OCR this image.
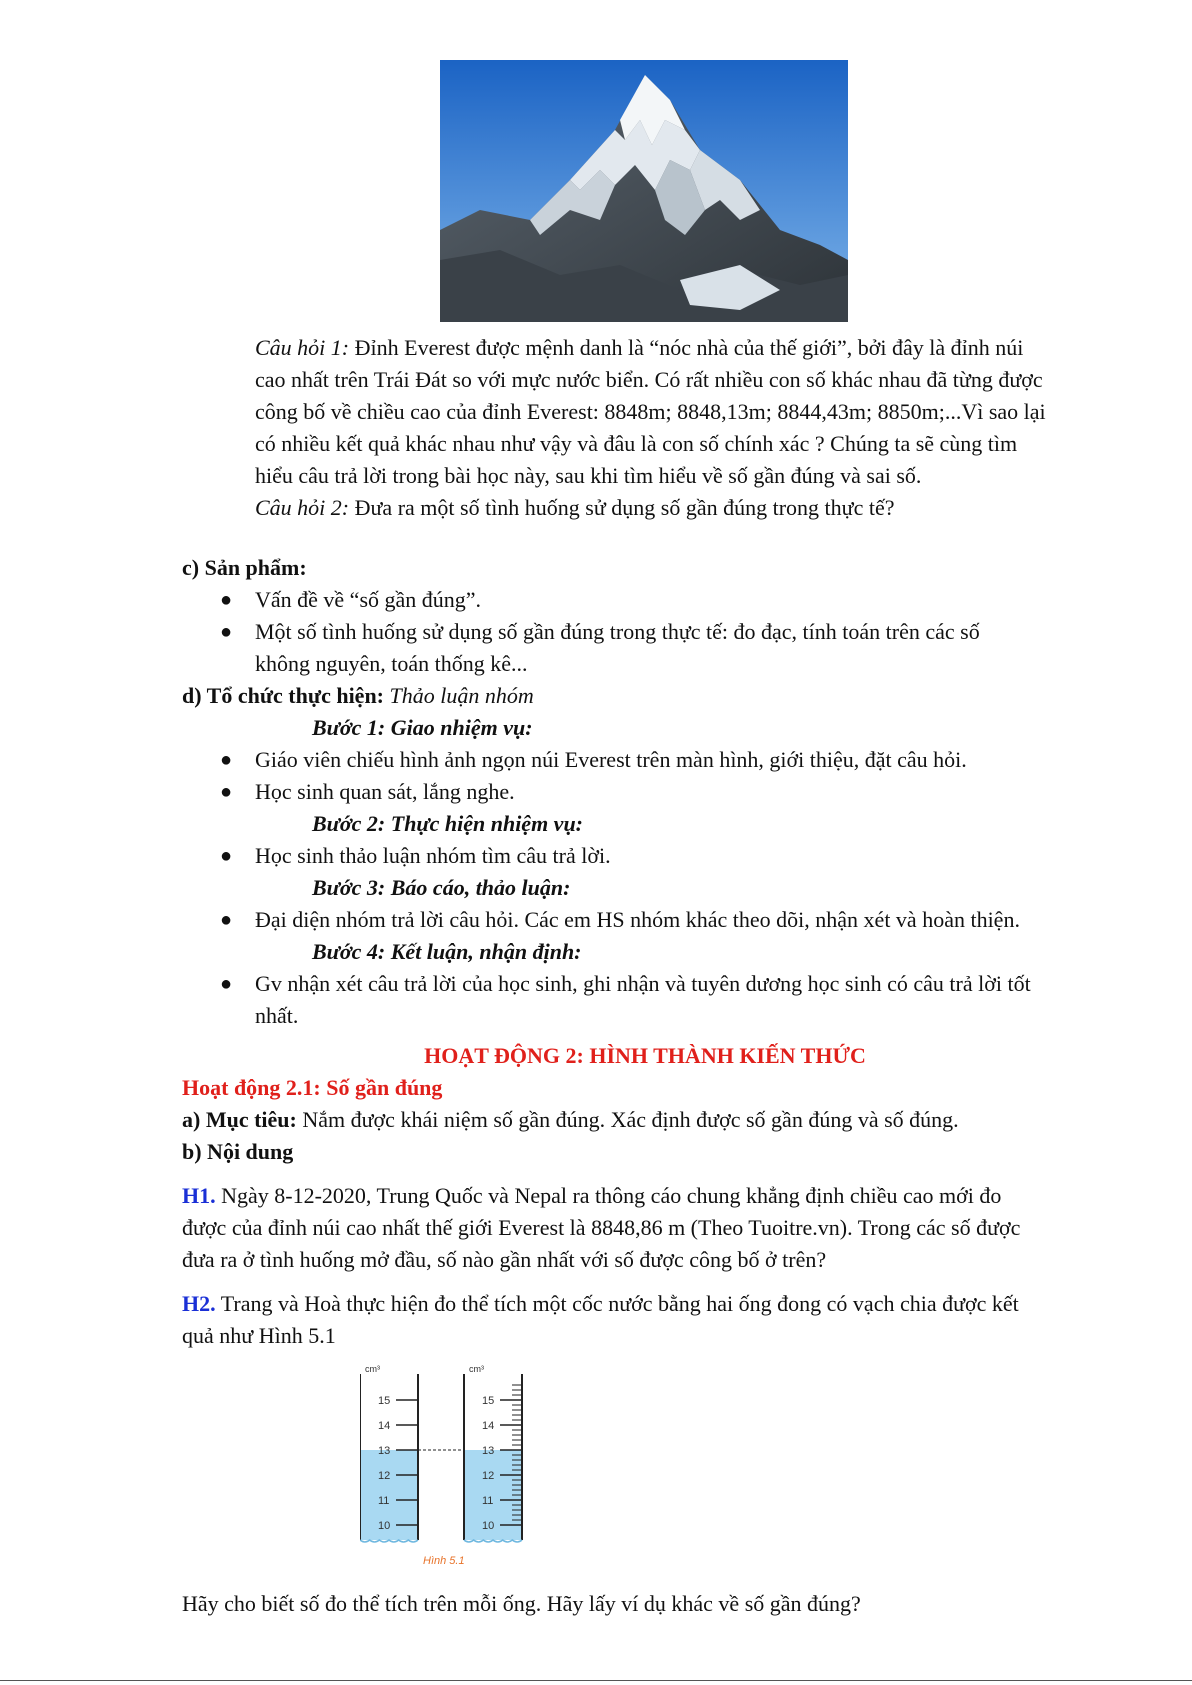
Câu hỏi 1: Đỉnh Everest được mệnh danh là “nóc nhà của thế giới”, bởi đây là đỉnh núi
cao nhất trên Trái Đát so với mực nước biển. Có rất nhiều con số khác nhau đã từng được
công bố về chiều cao của đỉnh Everest: 8848m; 8848,13m; 8844,43m; 8850m;...Vì sao lại
có nhiều kết quả khác nhau như vậy và đâu là con số chính xác ? Chúng ta sẽ cùng tìm
hiểu câu trả lời trong bài học này, sau khi tìm hiểu về số gần đúng và sai số.
Câu hỏi 2: Đưa ra một số tình huống sử dụng số gần đúng trong thực tế?
c) Sản phẩm:
● Vấn đề về “số gần đúng”.
● Một số tình huống sử dụng số gần đúng trong thực tế: đo đạc, tính toán trên các số
không nguyên, toán thống kê...
d) Tổ chức thực hiện: Thảo luận nhóm
Bước 1: Giao nhiệm vụ:
● Giáo viên chiếu hình ảnh ngọn núi Everest trên màn hình, giới thiệu, đặt câu hỏi.
● Học sinh quan sát, lắng nghe.
Bước 2: Thực hiện nhiệm vụ:
● Học sinh thảo luận nhóm tìm câu trả lời.
Bước 3: Báo cáo, thảo luận:
● Đại diện nhóm trả lời câu hỏi. Các em HS nhóm khác theo dõi, nhận xét và hoàn thiện.
Bước 4: Kết luận, nhận định:
● Gv nhận xét câu trả lời của học sinh, ghi nhận và tuyên dương học sinh có câu trả lời tốt
nhất.
HOẠT ĐỘNG 2: HÌNH THÀNH KIẾN THỨC
Hoạt động 2.1: Số gần đúng
a) Mục tiêu: Nắm được khái niệm số gần đúng. Xác định được số gần đúng và số đúng.
b) Nội dung
H1. Ngày 8-12-2020, Trung Quốc và Nepal ra thông cáo chung khẳng định chiều cao mới đo
được của đỉnh núi cao nhất thế giới Everest là 8848,86 m (Theo Tuoitre.vn). Trong các số được
đưa ra ở tình huống mở đầu, số nào gần nhất với số được công bố ở trên?
H2. Trang và Hoà thực hiện đo thể tích một cốc nước bằng hai ống đong có vạch chia được kết
quả như Hình 5.1
cm³
15
14
13
12
11
10
cm³
15
14
13
12
11
10
Hình 5.1
Hãy cho biết số đo thể tích trên mỗi ống. Hãy lấy ví dụ khác về số gần đúng?
